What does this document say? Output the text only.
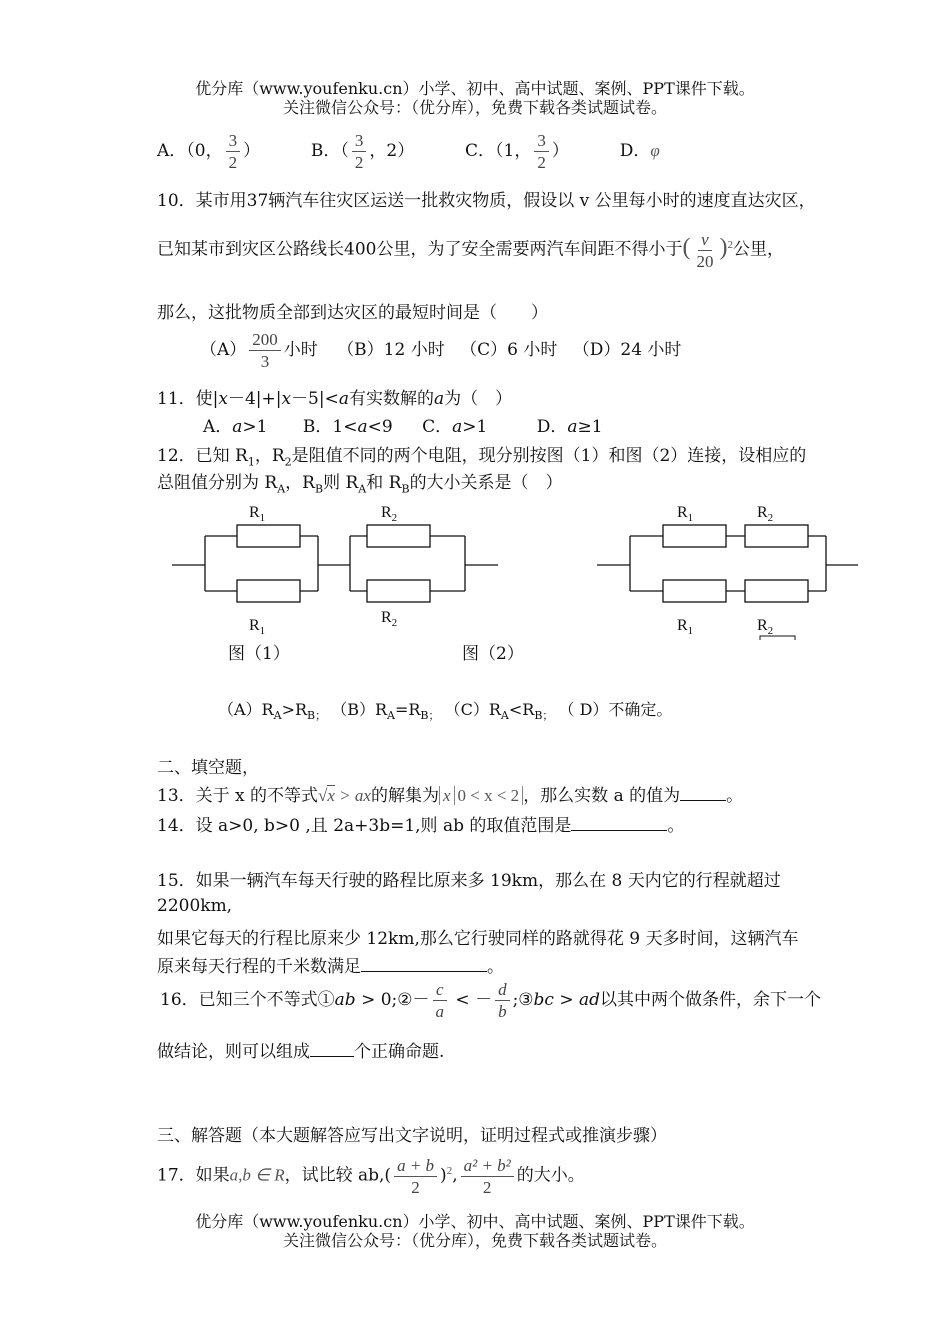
优分库（www.youfenku.cn）小学、初中、高中试题、案例、PPT课件下载。
关注微信公众号：（优分库），免费下载各类试题试卷。
A．（0， $\frac{3}{2}$ ）	B．（ $\frac{3}{2}$ ，2）	C．（1， $\frac{3}{2}$ ）	D．φ
10．某市用37辆汽车往灾区运送一批救灾物质，假设以 v 公里每小时的速度直达灾区，
已知某市到灾区公路线长400公里，为了安全需要两汽车间距不得小于( $\frac{v}{20} )^2$公里，
那么，这批物质全部到达灾区的最短时间是（　　）
$(A) \frac{200}{3}$ 小时 （B）12 小时 （C）6 小时 （D）24 小时
11．使|x－4|+|x－5|<a有实数解的a为（　）
A．a>1 B．1<a<9 C．a>1	D．a≥1
12．已知 $R_1$，$R_2$是阻值不同的两个电阻，现分别按图（1）和图（2）连接，设相应的
总阻值分别为 $R_A$，$R_B$则 $R_A$和 $R_B$的大小关系是（　）
$R_1$
$R_1$
$R_2$
$R_2$
$R_1$	$R_2$
$R_1$	$R_2$
图（1）	图（2）
$(A)R_A>R_{B;}$ $(B)R_A=R_{B;}$ $(C)R_A<R_{B;}$ （ D）不确定。
二、填空题，
13．关于 x 的不等式√x > ax的解集为 x 0 < x < 2 ，那么实数 a 的值为	。
14．设 a>0, b>0 ,且 2a+3b=1,则 ab 的取值范围是	。
15．如果一辆汽车每天行驶的路程比原来多 19km，那么在 8 天内它的行程就超过
2200km,
如果它每天的行程比原来少 12km,那么它行驶同样的路就得花 9 天多时间，这辆汽车
原来每天行程的千米数满足	。
16．已知三个不等式①ab > 0;②－ $\frac{c}{a}$ < － $\frac{d}{b}$ ;③bc > ad以其中两个做条件，余下一个
做结论，则可以组成	个正确命题.
三、解答题（本大题解答应写出文字说明，证明过程式或推演步骤）
17．如果a,b ∈ R，试比较 $ab,( \frac{a + b}{2} )^2$, $\frac{\text{a² + b²}}{2}$ 的大小。
优分库（www.youfenku.cn）小学、初中、高中试题、案例、PPT课件下载。
关注微信公众号：（优分库），免费下载各类试题试卷。
